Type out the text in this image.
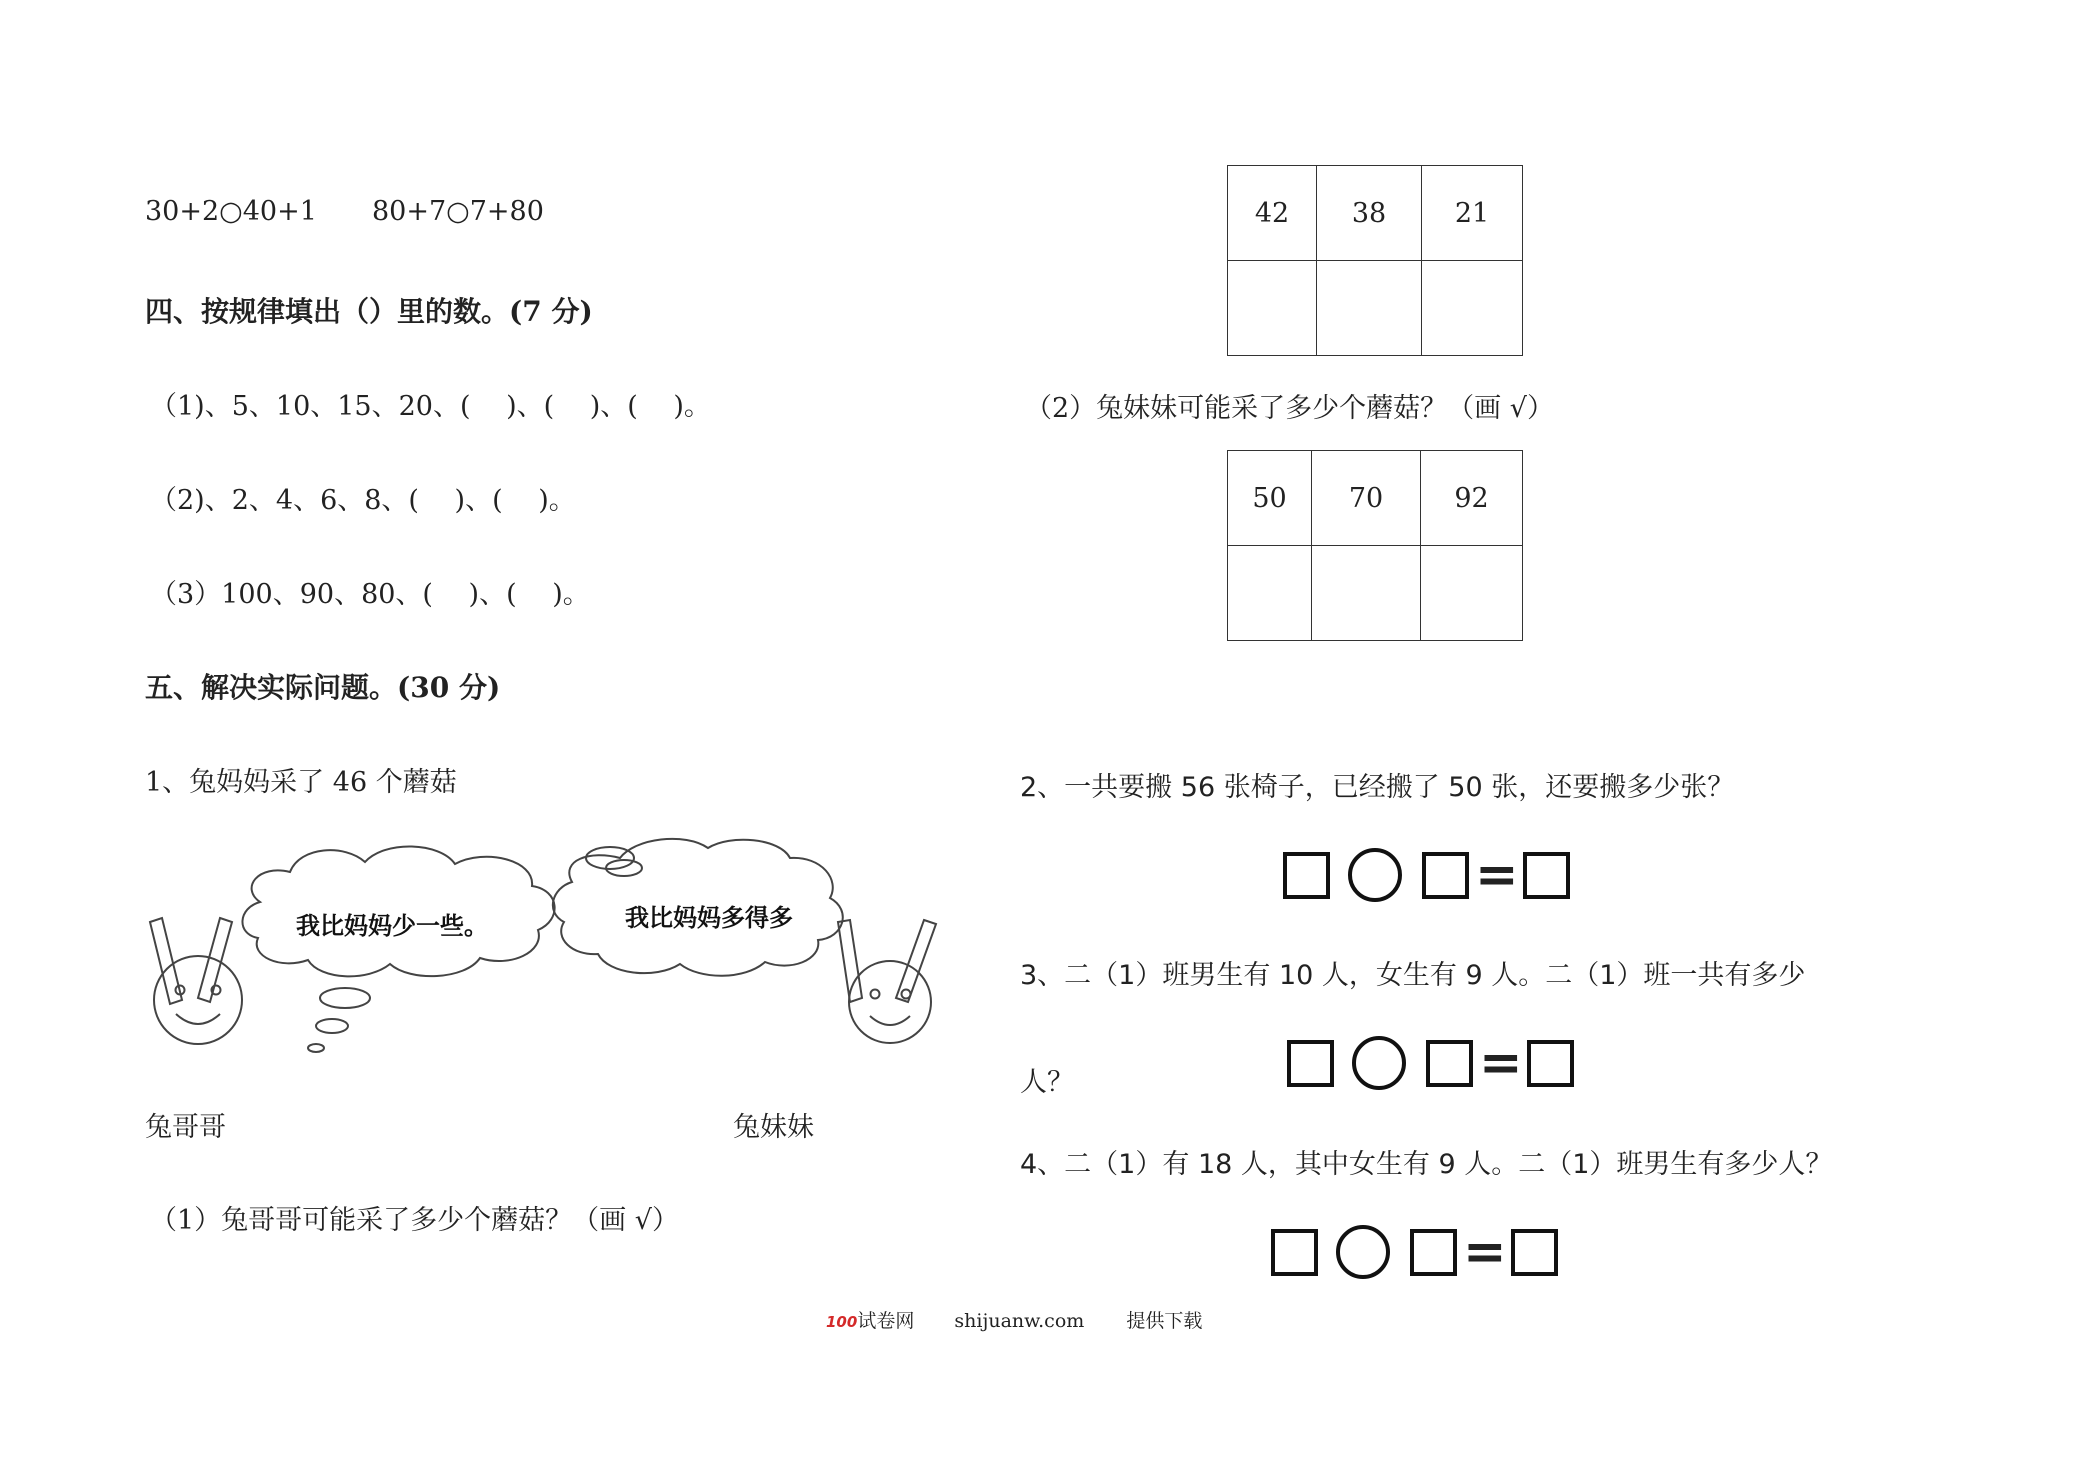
30+2○40+1 80+7○7+80
四、按规律填出（）里的数。(7 分)
（1)、5、10、15、20、(　 )、(　 )、(　 )。
（2)、2、4、6、8、(　 )、(　 )。
（3）100、90、80、(　 )、(　 )。
五、解决实际问题。(30 分)
1、兔妈妈采了 46 个蘑菇
我比妈妈少一些。	我比妈妈多得多
兔哥哥	兔妹妹
（1）兔哥哥可能采了多少个蘑菇？（画 √）
42	38	21

（2）兔妹妹可能采了多少个蘑菇？（画 √）
50	70	92

2、一共要搬 56 张椅子，已经搬了 50 张，还要搬多少张？
=
3、二（1）班男生有 10 人，女生有 9 人。二（1）班一共有多少
人？	=
4、二（1）有 18 人，其中女生有 9 人。二（1）班男生有多少人？
=
100试卷网 shijuanw.com 提供下载
